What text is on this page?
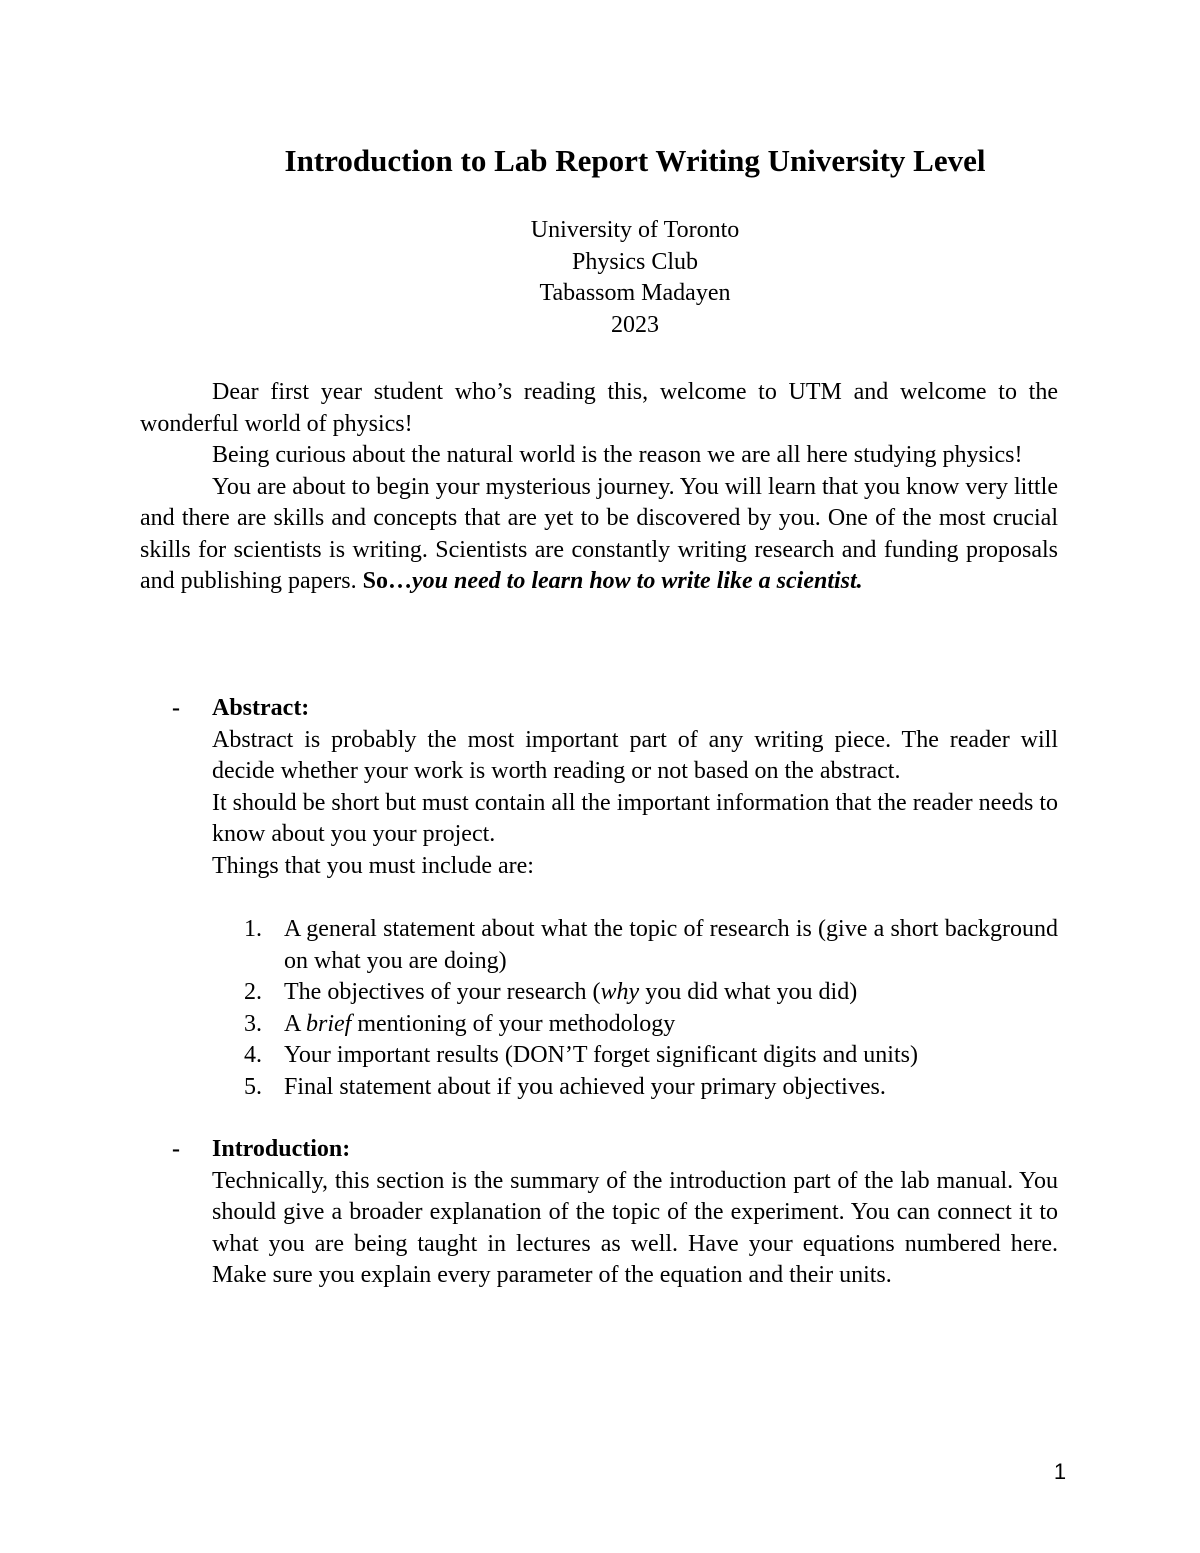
Introduction to Lab Report Writing University Level
University of Toronto
Physics Club
Tabassom Madayen
2023

Dear first year student who’s reading this, welcome to UTM and welcome to the wonderful world of physics!

Being curious about the natural world is the reason we are all here studying physics!

You are about to begin your mysterious journey. You will learn that you know very little and there are skills and concepts that are yet to be discovered by you. One of the most crucial skills for scientists is writing. Scientists are constantly writing research and funding proposals and publishing papers. So…you need to learn how to write like a scientist.

- Abstract:

Abstract is probably the most important part of any writing piece. The reader will decide whether your work is worth reading or not based on the abstract.

It should be short but must contain all the important information that the reader needs to know about you your project.

Things that you must include are:

1. A general statement about what the topic of research is (give a short background on what you are doing)
2. The objectives of your research (why you did what you did)
3. A brief mentioning of your methodology
4. Your important results (DON’T forget significant digits and units)
5. Final statement about if you achieved your primary objectives.
- Introduction:

Technically, this section is the summary of the introduction part of the lab manual. You should give a broader explanation of the topic of the experiment. You can connect it to what you are being taught in lectures as well. Have your equations numbered here. Make sure you explain every parameter of the equation and their units.

1
